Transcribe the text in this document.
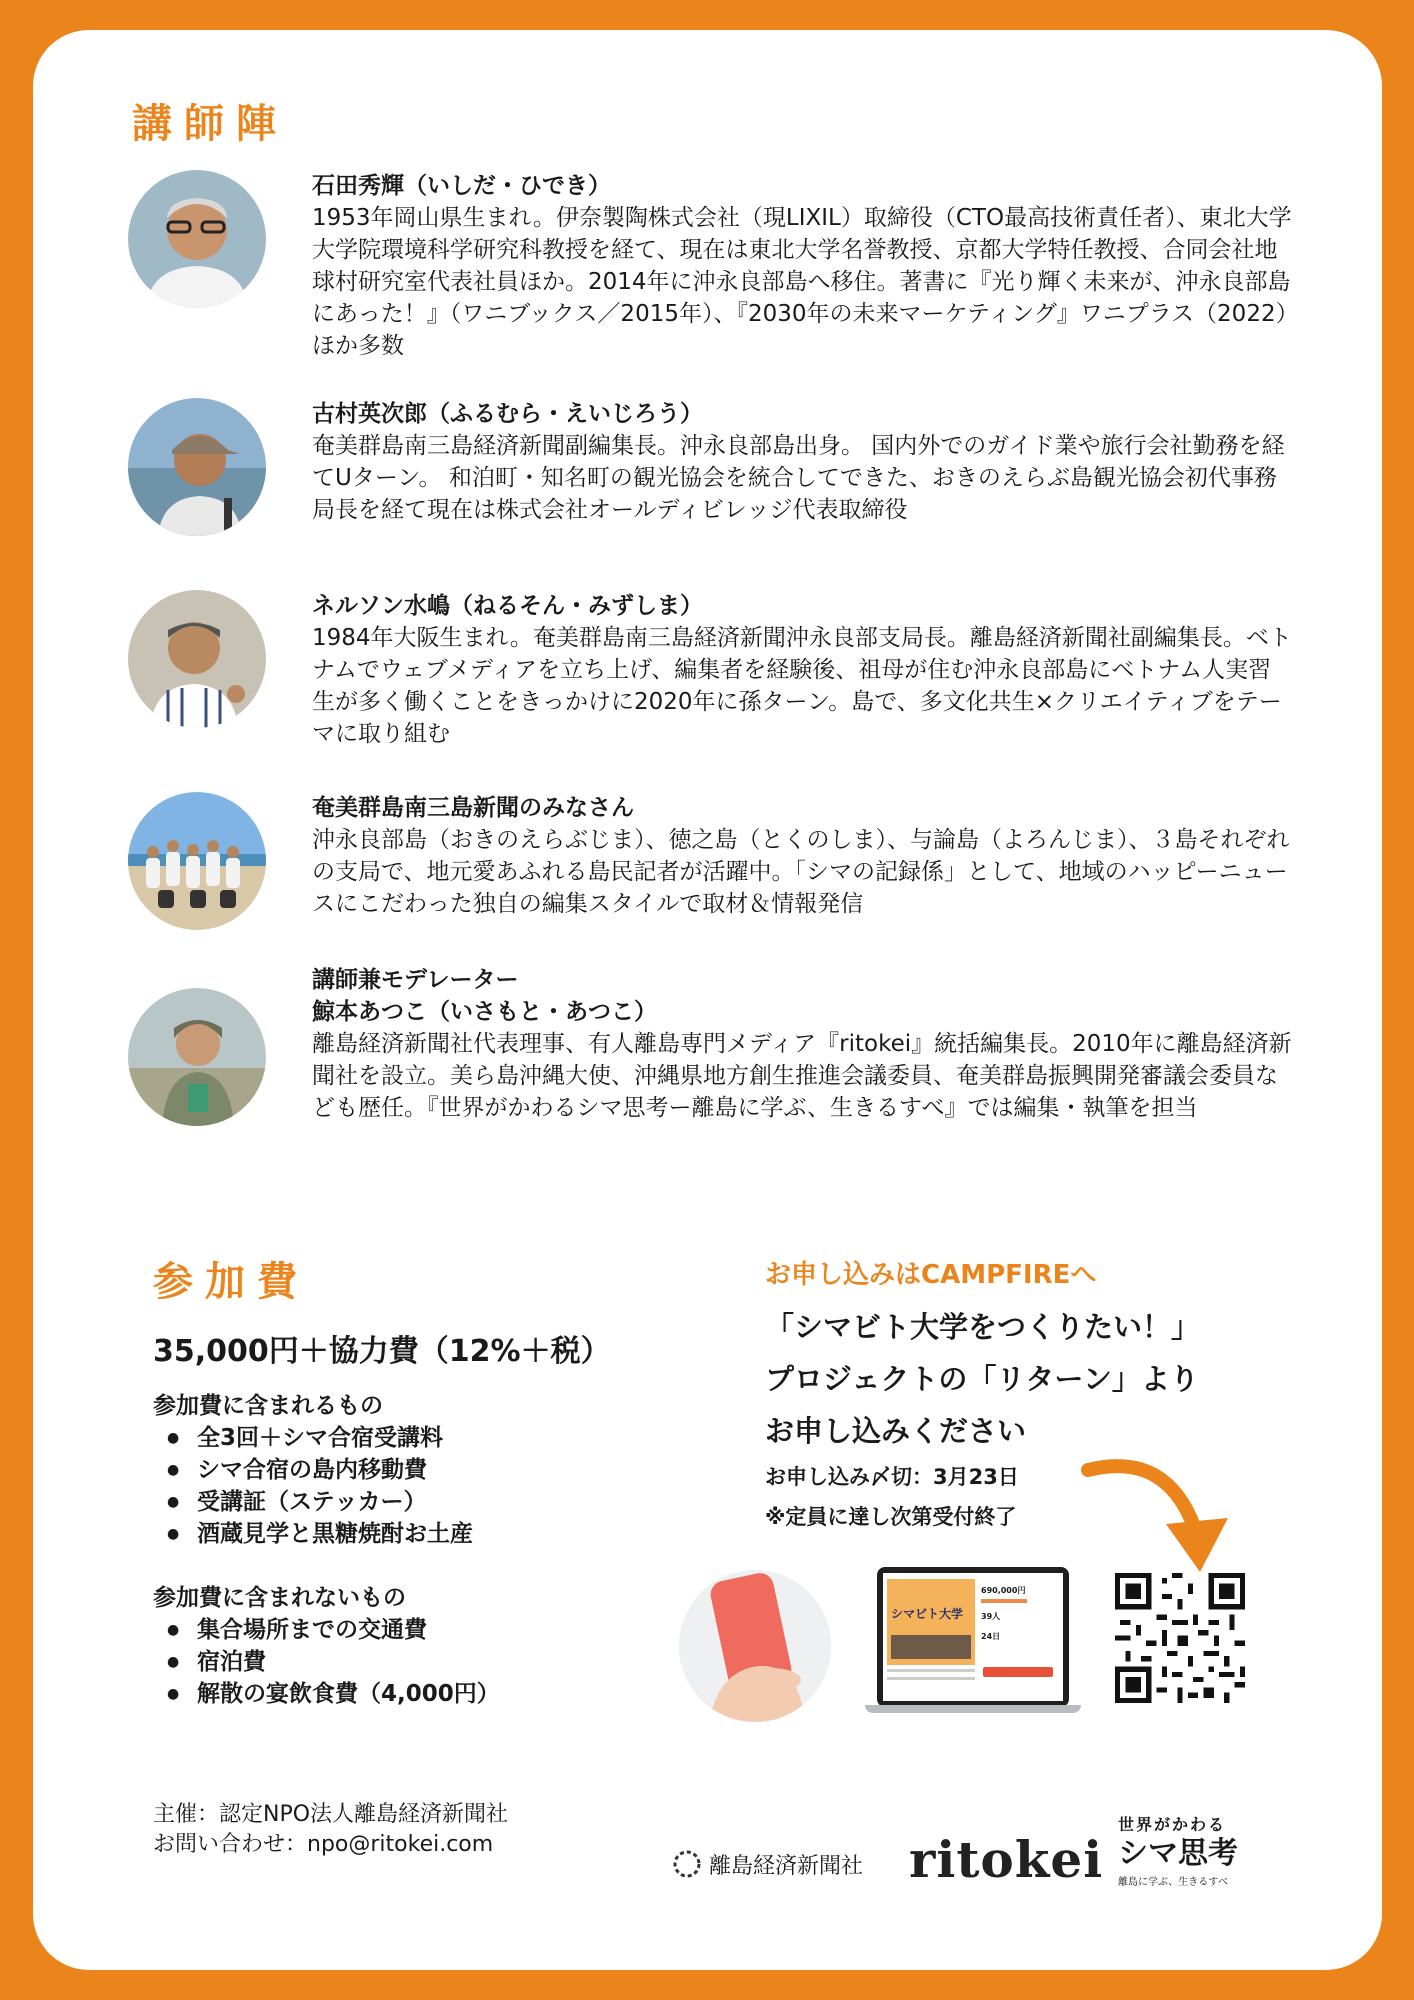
講師陣

石田秀輝（いしだ・ひでき）

1953年岡山県生まれ。伊奈製陶株式会社（現LIXIL）取締役（CTO最高技術責任者）、東北大学大学院環境科学研究科教授を経て、現在は東北大学名誉教授、京都大学特任教授、合同会社地球村研究室代表社員ほか。2014年に沖永良部島へ移住。著書に『光り輝く未来が、沖永良部島にあった！』（ワニブックス／2015年）、『2030年の未来マーケティング』ワニプラス（2022）ほか多数

古村英次郎（ふるむら・えいじろう）

奄美群島南三島経済新聞副編集長。沖永良部島出身。 国内外でのガイド業や旅行会社勤務を経てUターン。 和泊町・知名町の観光協会を統合してできた、おきのえらぶ島観光協会初代事務局長を経て現在は株式会社オールディビレッジ代表取締役

ネルソン水嶋（ねるそん・みずしま）

1984年大阪生まれ。奄美群島南三島経済新聞沖永良部支局長。離島経済新聞社副編集長。ベトナムでウェブメディアを立ち上げ、編集者を経験後、祖母が住む沖永良部島にベトナム人実習生が多く働くことをきっかけに2020年に孫ターン。島で、多文化共生×クリエイティブをテーマに取り組む

奄美群島南三島新聞のみなさん

沖永良部島（おきのえらぶじま）、徳之島（とくのしま）、与論島（よろんじま）、３島それぞれの支局で、地元愛あふれる島民記者が活躍中。「シマの記録係」として、地域のハッピーニュースにこだわった独自の編集スタイルで取材＆情報発信

講師兼モデレーター

鯨本あつこ（いさもと・あつこ）

離島経済新聞社代表理事、有人離島専門メディア『ritokei』統括編集長。2010年に離島経済新聞社を設立。美ら島沖縄大使、沖縄県地方創生推進会議委員、奄美群島振興開発審議会委員なども歴任。『世界がかわるシマ思考ー離島に学ぶ、生きるすべ』では編集・執筆を担当

参加費

35,000円＋協力費（12%＋税）

参加費に含まれるもの

● 全3回＋シマ合宿受講料
● シマ合宿の島内移動費
● 受講証（ステッカー）
● 酒蔵見学と黒糖焼酎お土産

参加費に含まれないもの

● 集合場所までの交通費
● 宿泊費
● 解散の宴飲食費（4,000円）

お申し込みはCAMPFIREへ

「シマビト大学をつくりたい！」

プロジェクトの「リターン」より

お申し込みください

お申し込み〆切：3月23日

※定員に達し次第受付終了

シマビト大学
690,000円
39人
24日
主催：認定NPO法人離島経済新聞社
お問い合わせ：npo@ritokei.com
離島経済新聞社 ritokei
世界がかわる
シマ思考
離島に学ぶ、生きるすべ
